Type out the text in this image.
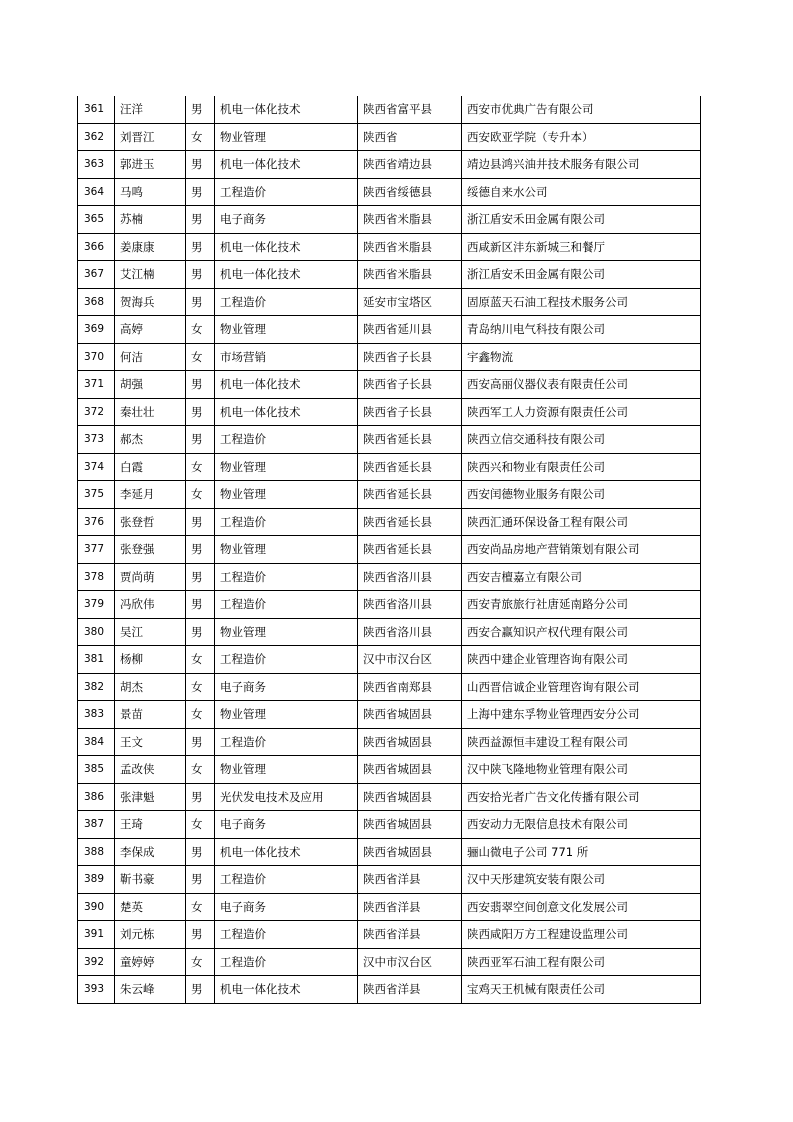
361	汪洋	男	机电一体化技术	陕西省富平县	西安市优典广告有限公司
362	刘晋江	女	物业管理	陕西省	西安欧亚学院（专升本）
363	郭进玉	男	机电一体化技术	陕西省靖边县	靖边县鸿兴油井技术服务有限公司
364	马鸣	男	工程造价	陕西省绥德县	绥德自来水公司
365	苏楠	男	电子商务	陕西省米脂县	浙江盾安禾田金属有限公司
366	姜康康	男	机电一体化技术	陕西省米脂县	西咸新区沣东新城三和餐厅
367	艾江楠	男	机电一体化技术	陕西省米脂县	浙江盾安禾田金属有限公司
368	贺海兵	男	工程造价	延安市宝塔区	固原蓝天石油工程技术服务公司
369	高婷	女	物业管理	陕西省延川县	青岛纳川电气科技有限公司
370	何洁	女	市场营销	陕西省子长县	宇鑫物流
371	胡强	男	机电一体化技术	陕西省子长县	西安高丽仪器仪表有限责任公司
372	秦壮壮	男	机电一体化技术	陕西省子长县	陕西军工人力资源有限责任公司
373	郝杰	男	工程造价	陕西省延长县	陕西立信交通科技有限公司
374	白霞	女	物业管理	陕西省延长县	陕西兴和物业有限责任公司
375	李延月	女	物业管理	陕西省延长县	西安闰德物业服务有限公司
376	张登哲	男	工程造价	陕西省延长县	陕西汇通环保设备工程有限公司
377	张登强	男	物业管理	陕西省延长县	西安尚品房地产营销策划有限公司
378	贾尚萌	男	工程造价	陕西省洛川县	西安吉檀嘉立有限公司
379	冯欣伟	男	工程造价	陕西省洛川县	西安青旅旅行社唐延南路分公司
380	吴江	男	物业管理	陕西省洛川县	西安合赢知识产权代理有限公司
381	杨柳	女	工程造价	汉中市汉台区	陕西中建企业管理咨询有限公司
382	胡杰	女	电子商务	陕西省南郑县	山西晋信诚企业管理咨询有限公司
383	景苗	女	物业管理	陕西省城固县	上海中建东孚物业管理西安分公司
384	王文	男	工程造价	陕西省城固县	陕西益源恒丰建设工程有限公司
385	孟改侠	女	物业管理	陕西省城固县	汉中陕飞隆地物业管理有限公司
386	张津魁	男	光伏发电技术及应用	陕西省城固县	西安拾光者广告文化传播有限公司
387	王琦	女	电子商务	陕西省城固县	西安动力无限信息技术有限公司
388	李保成	男	机电一体化技术	陕西省城固县	骊山微电子公司 771 所
389	靳书豪	男	工程造价	陕西省洋县	汉中天彤建筑安装有限公司
390	楚英	女	电子商务	陕西省洋县	西安翡翠空间创意文化发展公司
391	刘元栋	男	工程造价	陕西省洋县	陕西咸阳万方工程建设监理公司
392	童婷婷	女	工程造价	汉中市汉台区	陕西亚军石油工程有限公司
393	朱云峰	男	机电一体化技术	陕西省洋县	宝鸡天王机械有限责任公司
